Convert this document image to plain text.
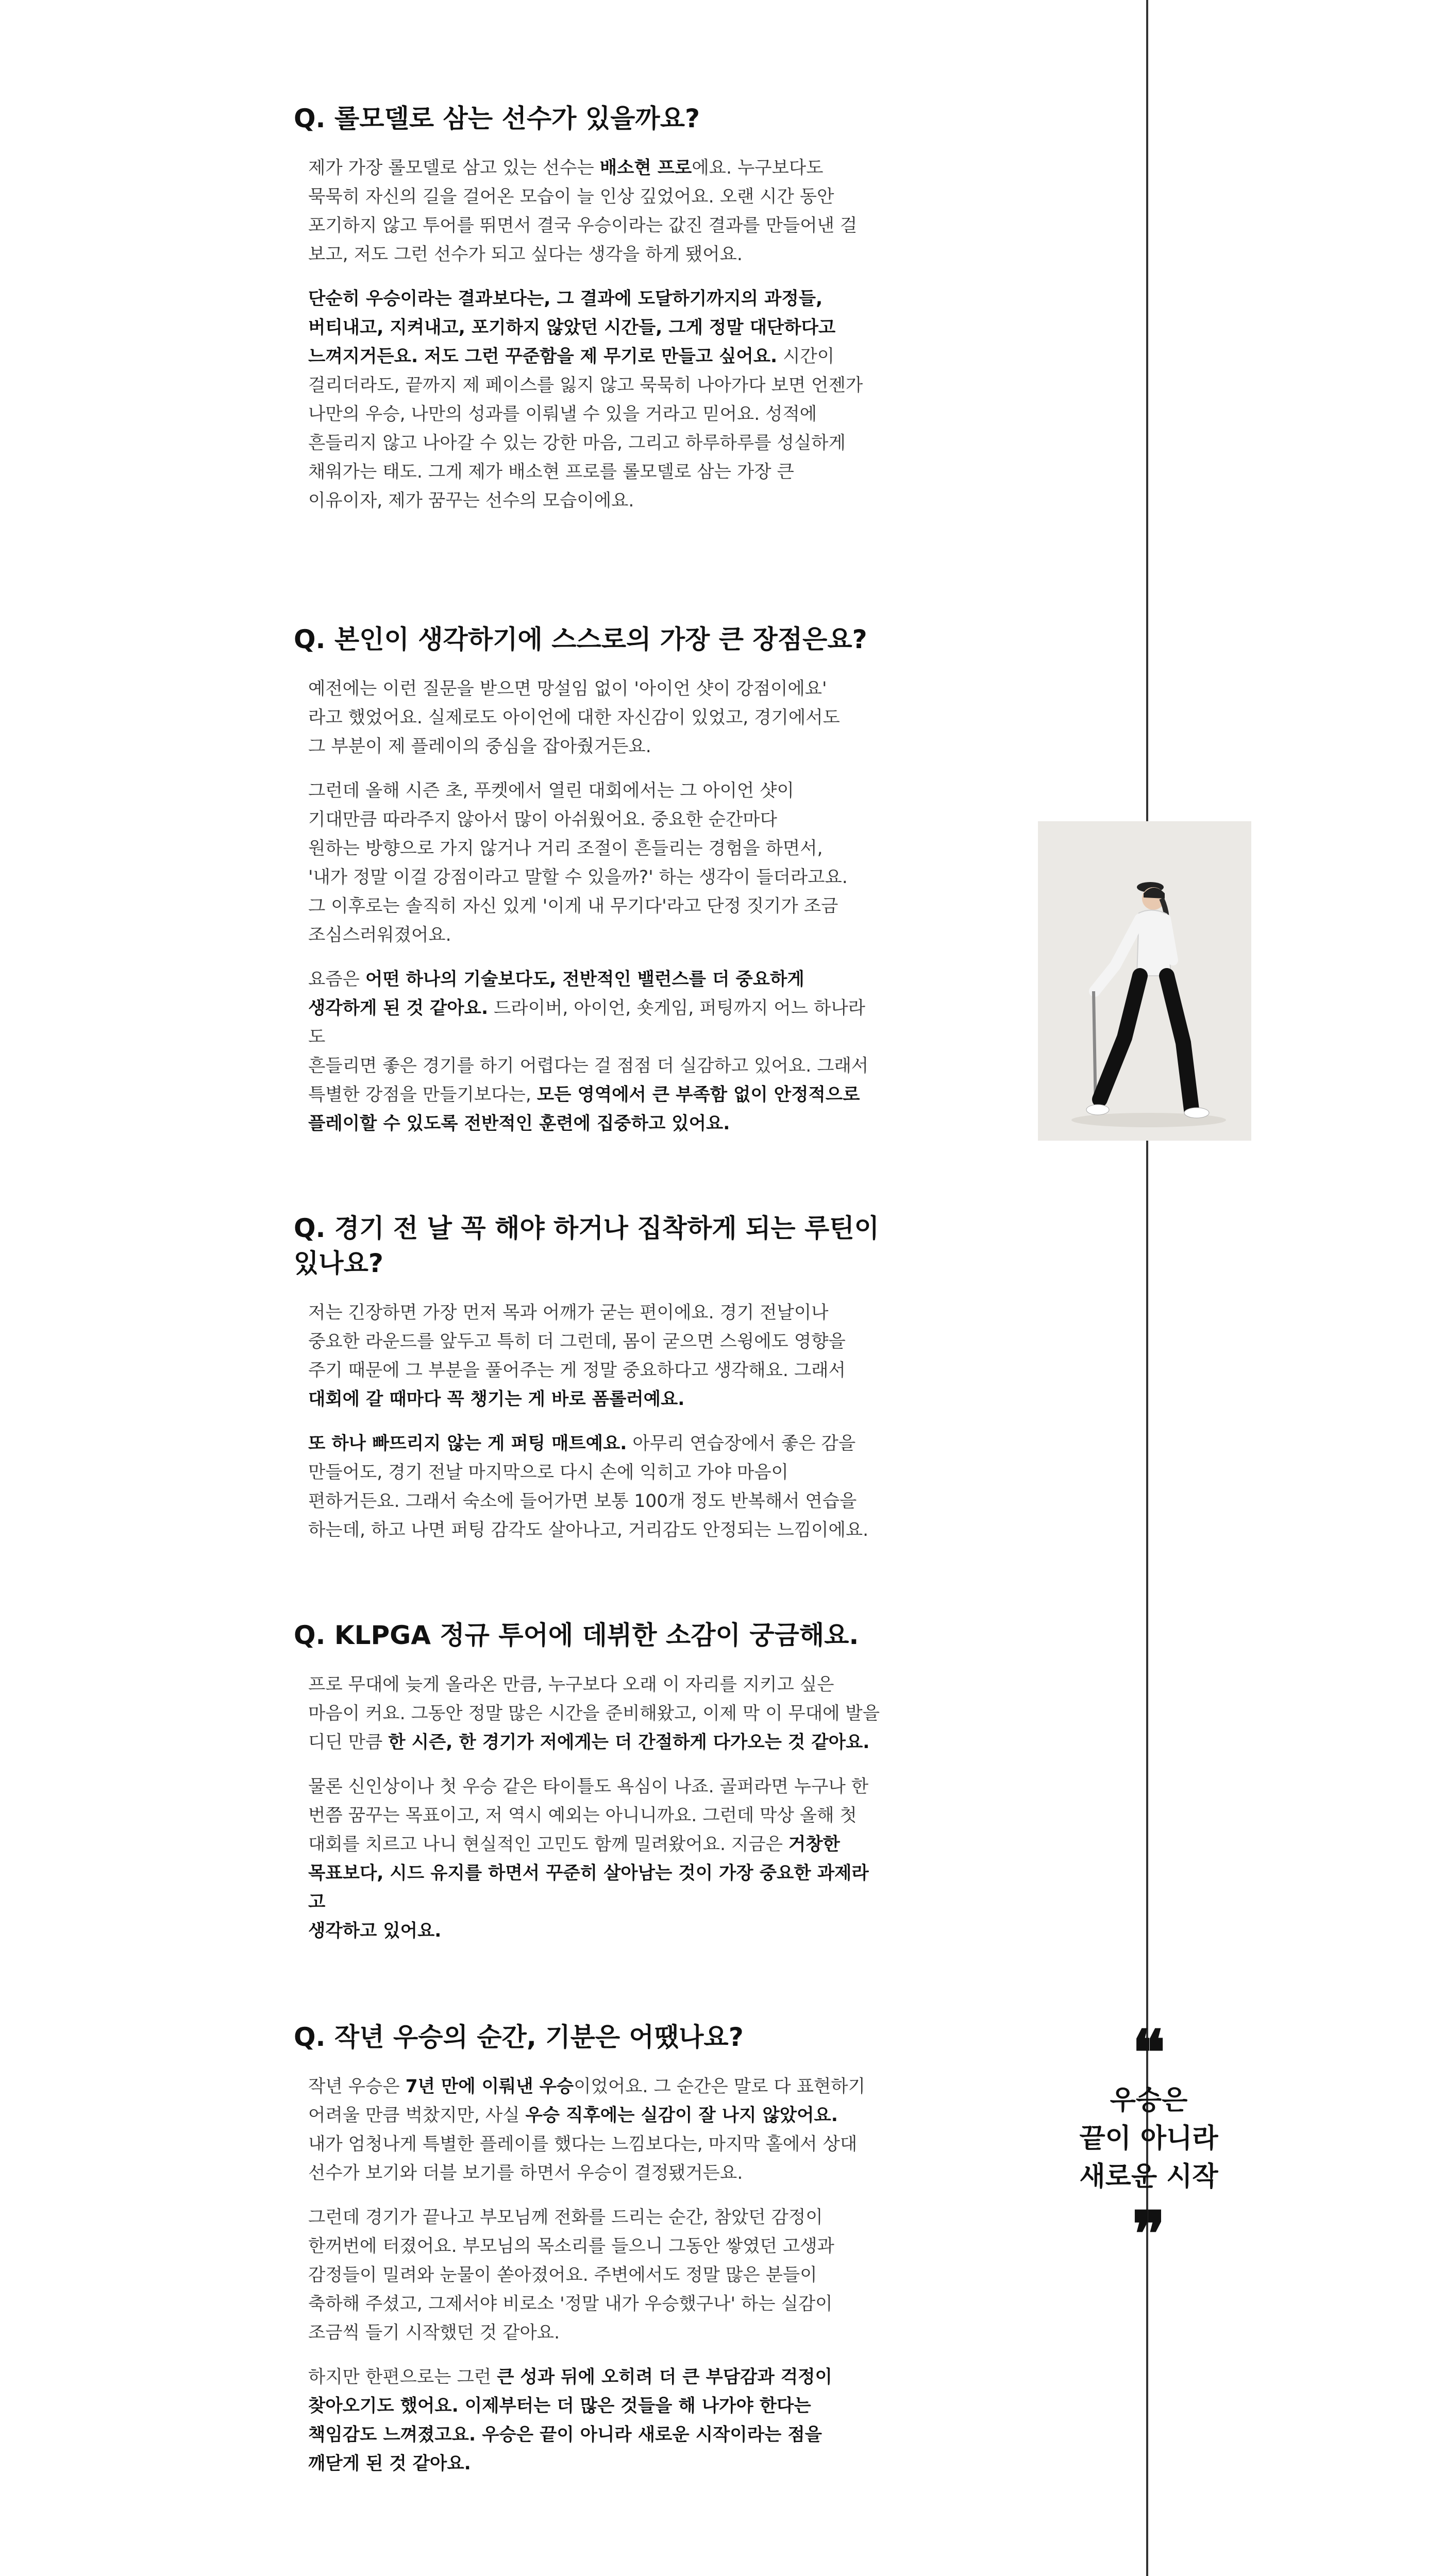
Q. 롤모델로 삼는 선수가 있을까요?
제가 가장 롤모델로 삼고 있는 선수는 배소현 프로에요. 누구보다도
묵묵히 자신의 길을 걸어온 모습이 늘 인상 깊었어요. 오랜 시간 동안
포기하지 않고 투어를 뛰면서 결국 우승이라는 값진 결과를 만들어낸 걸
보고, 저도 그런 선수가 되고 싶다는 생각을 하게 됐어요.
단순히 우승이라는 결과보다는, 그 결과에 도달하기까지의 과정들,
버티내고, 지켜내고, 포기하지 않았던 시간들, 그게 정말 대단하다고
느껴지거든요. 저도 그런 꾸준함을 제 무기로 만들고 싶어요. 시간이
걸리더라도, 끝까지 제 페이스를 잃지 않고 묵묵히 나아가다 보면 언젠가
나만의 우승, 나만의 성과를 이뤄낼 수 있을 거라고 믿어요. 성적에
흔들리지 않고 나아갈 수 있는 강한 마음, 그리고 하루하루를 성실하게
채워가는 태도. 그게 제가 배소현 프로를 롤모델로 삼는 가장 큰
이유이자, 제가 꿈꾸는 선수의 모습이에요.
Q. 본인이 생각하기에 스스로의 가장 큰 장점은요?
예전에는 이런 질문을 받으면 망설임 없이 '아이언 샷이 강점이에요'
라고 했었어요. 실제로도 아이언에 대한 자신감이 있었고, 경기에서도
그 부분이 제 플레이의 중심을 잡아줬거든요.
그런데 올해 시즌 초, 푸켓에서 열린 대회에서는 그 아이언 샷이
기대만큼 따라주지 않아서 많이 아쉬웠어요. 중요한 순간마다
원하는 방향으로 가지 않거나 거리 조절이 흔들리는 경험을 하면서,
'내가 정말 이걸 강점이라고 말할 수 있을까?' 하는 생각이 들더라고요.
그 이후로는 솔직히 자신 있게 '이게 내 무기다'라고 단정 짓기가 조금
조심스러워졌어요.
요즘은 어떤 하나의 기술보다도, 전반적인 밸런스를 더 중요하게
생각하게 된 것 같아요. 드라이버, 아이언, 숏게임, 퍼팅까지 어느 하나라도
흔들리면 좋은 경기를 하기 어렵다는 걸 점점 더 실감하고 있어요. 그래서
특별한 강점을 만들기보다는, 모든 영역에서 큰 부족함 없이 안정적으로
플레이할 수 있도록 전반적인 훈련에 집중하고 있어요.
Q. 경기 전 날 꼭 해야 하거나 집착하게 되는 루틴이 있나요?
저는 긴장하면 가장 먼저 목과 어깨가 굳는 편이에요. 경기 전날이나
중요한 라운드를 앞두고 특히 더 그런데, 몸이 굳으면 스윙에도 영향을
주기 때문에 그 부분을 풀어주는 게 정말 중요하다고 생각해요. 그래서
대회에 갈 때마다 꼭 챙기는 게 바로 폼롤러예요.
또 하나 빠뜨리지 않는 게 퍼팅 매트예요. 아무리 연습장에서 좋은 감을
만들어도, 경기 전날 마지막으로 다시 손에 익히고 가야 마음이
편하거든요. 그래서 숙소에 들어가면 보통 100개 정도 반복해서 연습을
하는데, 하고 나면 퍼팅 감각도 살아나고, 거리감도 안정되는 느낌이에요.
Q. KLPGA 정규 투어에 데뷔한 소감이 궁금해요.
프로 무대에 늦게 올라온 만큼, 누구보다 오래 이 자리를 지키고 싶은
마음이 커요. 그동안 정말 많은 시간을 준비해왔고, 이제 막 이 무대에 발을
디딘 만큼 한 시즌, 한 경기가 저에게는 더 간절하게 다가오는 것 같아요.
물론 신인상이나 첫 우승 같은 타이틀도 욕심이 나죠. 골퍼라면 누구나 한
번쯤 꿈꾸는 목표이고, 저 역시 예외는 아니니까요. 그런데 막상 올해 첫
대회를 치르고 나니 현실적인 고민도 함께 밀려왔어요. 지금은 거창한
목표보다, 시드 유지를 하면서 꾸준히 살아남는 것이 가장 중요한 과제라고
생각하고 있어요.
Q. 작년 우승의 순간, 기분은 어땠나요?
작년 우승은 7년 만에 이뤄낸 우승이었어요. 그 순간은 말로 다 표현하기
어려울 만큼 벅찼지만, 사실 우승 직후에는 실감이 잘 나지 않았어요.
내가 엄청나게 특별한 플레이를 했다는 느낌보다는, 마지막 홀에서 상대
선수가 보기와 더블 보기를 하면서 우승이 결정됐거든요.
그런데 경기가 끝나고 부모님께 전화를 드리는 순간, 참았던 감정이
한꺼번에 터졌어요. 부모님의 목소리를 들으니 그동안 쌓였던 고생과
감정들이 밀려와 눈물이 쏟아졌어요. 주변에서도 정말 많은 분들이
축하해 주셨고, 그제서야 비로소 '정말 내가 우승했구나' 하는 실감이
조금씩 들기 시작했던 것 같아요.
하지만 한편으로는 그런 큰 성과 뒤에 오히려 더 큰 부담감과 걱정이
찾아오기도 했어요. 이제부터는 더 많은 것들을 해 나가야 한다는
책임감도 느껴졌고요. 우승은 끝이 아니라 새로운 시작이라는 점을
깨닫게 된 것 같아요.
❝
우승은
끝이 아니라
새로운 시작
❞
